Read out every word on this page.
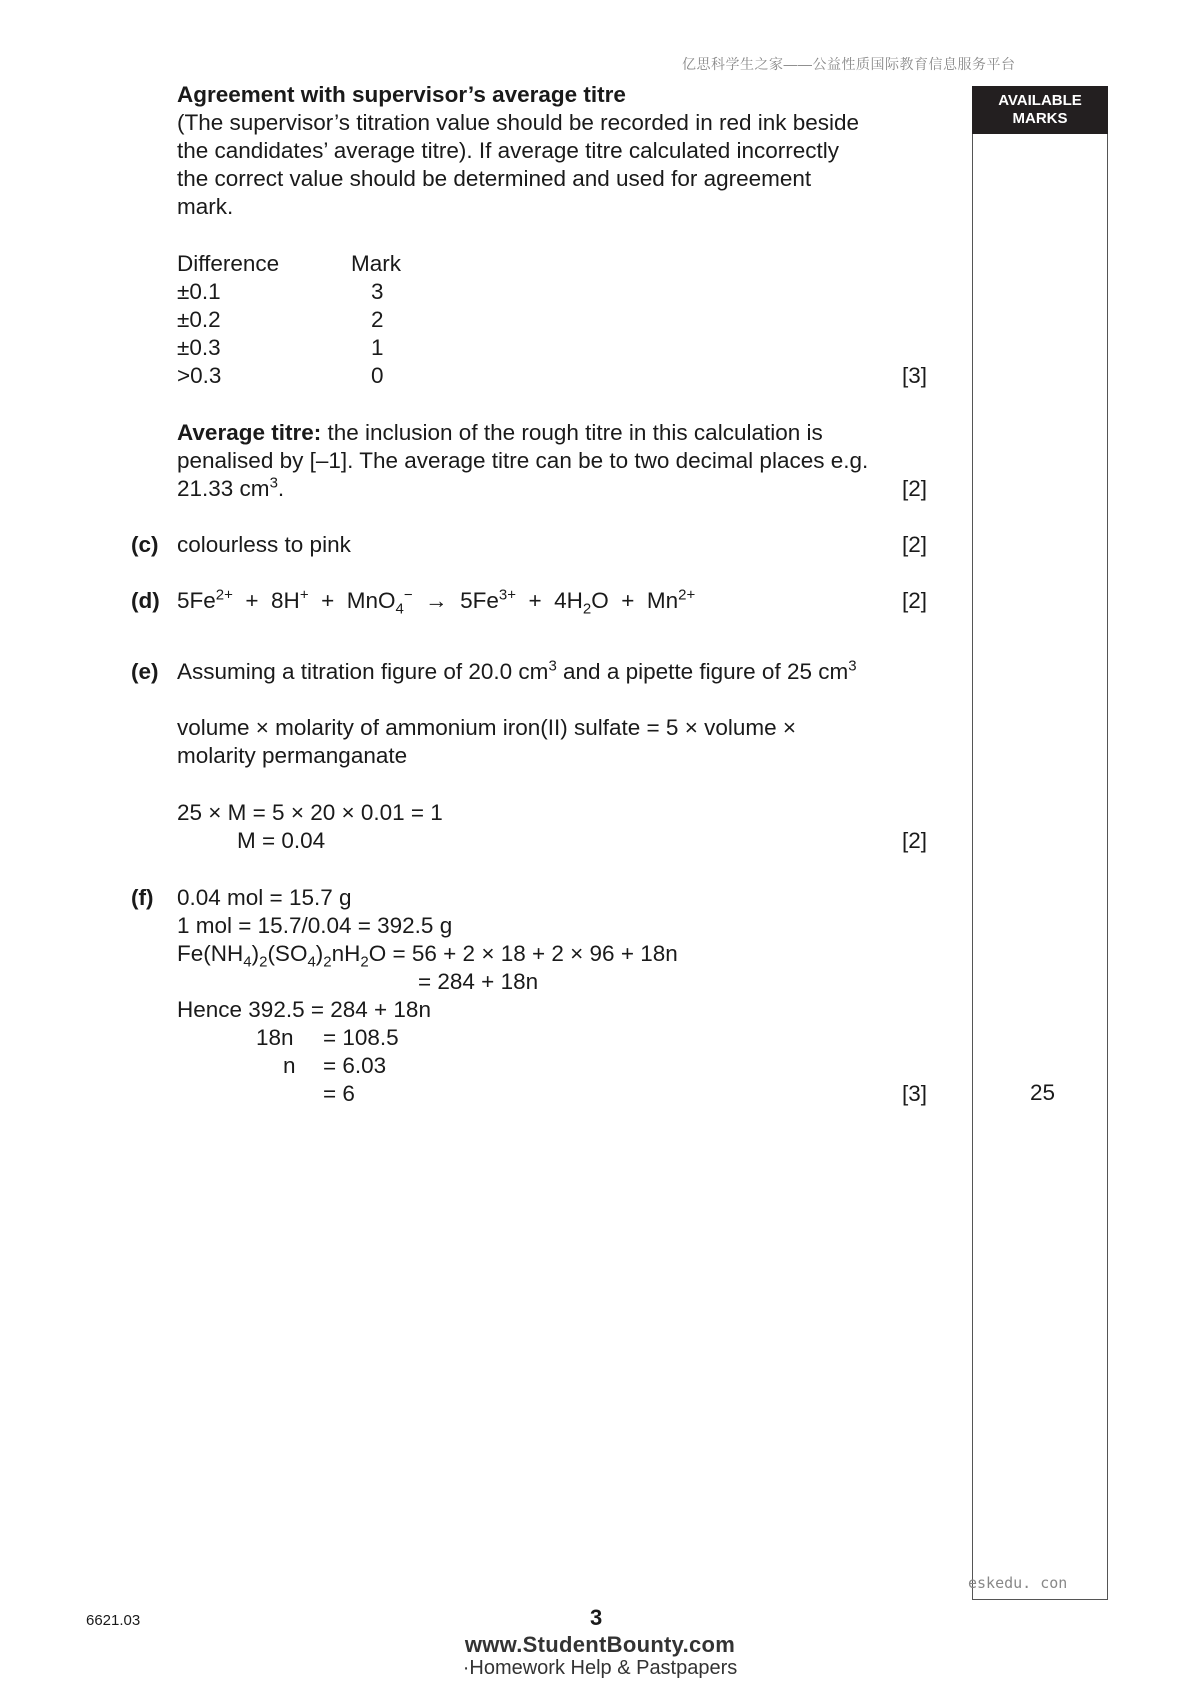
亿思科学生之家——公益性质国际教育信息服务平台
AVAILABLE
MARKS
25
Agreement with supervisor’s average titre
(The supervisor’s titration value should be recorded in red ink beside
the candidates’ average titre). If average titre calculated incorrectly
the correct value should be determined and used for agreement
mark.
Difference	Mark
±0.1	3
±0.2	2
±0.3	1
>0.3	0	[3]
Average titre: the inclusion of the rough titre in this calculation is
penalised by [–1]. The average titre can be to two decimal places e.g.
21.33 $cm^3$.	[2]
(c) colourless to pink	[2]
(d) $5Fe^{2+} + 8H^+ + MnO_4^- \to 5Fe^{3+} + 4H_2O + Mn^{2+}$	[2]
(e) Assuming a titration figure of 20.0 $cm^3$ and a pipette figure of 25 $cm^3$
volume × molarity of ammonium iron(II) sulfate = 5 × volume ×
molarity permanganate
25 × M = 5 × 20 × 0.01 = 1
M = 0.04	[2]
(f) 0.04 mol = 15.7 g
1 mol = 15.7/0.04 = 392.5 g
$Fe(NH_4)_2(SO_4)_2nH_2O = 56 + 2 \times 18 + 2 \times 96 + 18n$
= 284 + 18n
Hence 392.5 = 284 + 18n
18n = 108.5
n = 6.03
= 6	[3]
eskedu. con
6621.03	3
www.StudentBounty.com
·Homework Help & Pastpapers
